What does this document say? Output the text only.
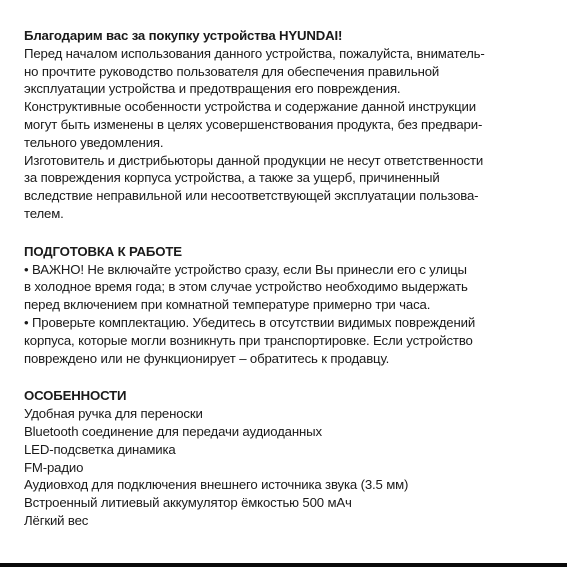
Благодарим вас за покупку устройства HYUNDAI!
Перед началом использования данного устройства, пожалуйста, вниматель-
но прочтите руководство пользователя для обеспечения правильной
эксплуатации устройства и предотвращения его повреждения.
Конструктивные особенности устройства и содержание данной инструкции
могут быть изменены в целях усовершенствования продукта, без предвари-
тельного уведомления.
Изготовитель и дистрибьюторы данной продукции не несут ответственности
за повреждения корпуса устройства, а также за ущерб, причиненный
вследствие неправильной или несоответствующей эксплуатации пользова-
телем.
ПОДГОТОВКА К РАБОТЕ
• ВАЖНО! Не включайте устройство сразу, если Вы принесли его с улицы
в холодное время года; в этом случае устройство необходимо выдержать
перед включением при комнатной температуре примерно три часа.
• Проверьте комплектацию. Убедитесь в отсутствии видимых повреждений
корпуса, которые могли возникнуть при транспортировке. Если устройство
повреждено или не функционирует – обратитесь к продавцу.
ОСОБЕННОСТИ
Удобная ручка для переноски
Bluetooth соединение для передачи аудиоданных
LED-подсветка динамика
FM-радио
Аудиовход для подключения внешнего источника звука (3.5 мм)
Встроенный литиевый аккумулятор ёмкостью 500 мАч
Лёгкий вес
